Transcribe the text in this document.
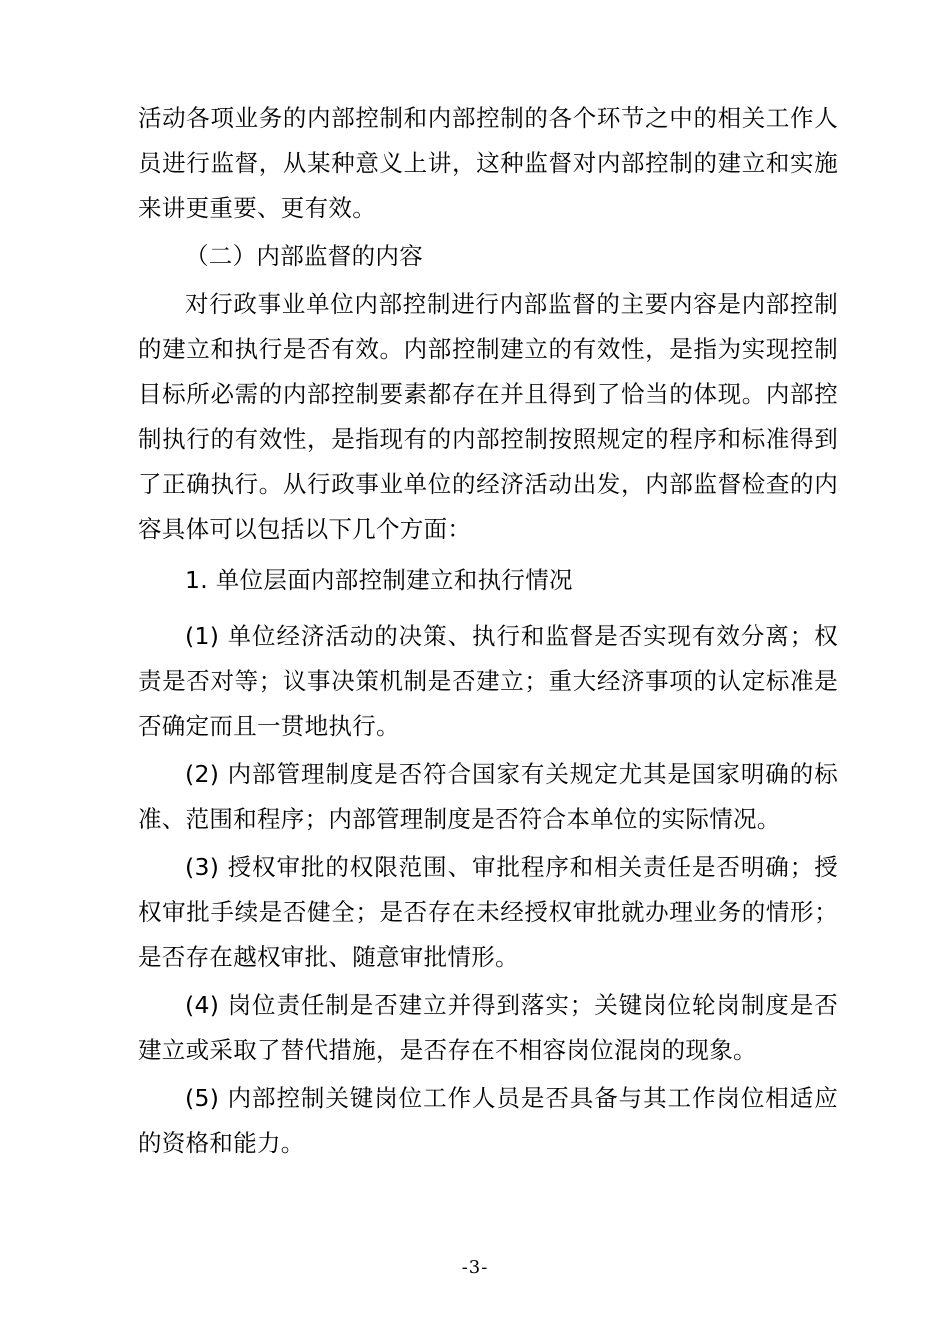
活动各项业务的内部控制和内部控制的各个环节之中的相关工作人员进行监督，从某种意义上讲，这种监督对内部控制的建立和实施来讲更重要、更有效。

（二）内部监督的内容

对行政事业单位内部控制进行内部监督的主要内容是内部控制的建立和执行是否有效。内部控制建立的有效性，是指为实现控制目标所必需的内部控制要素都存在并且得到了恰当的体现。内部控制执行的有效性，是指现有的内部控制按照规定的程序和标准得到了正确执行。从行政事业单位的经济活动出发，内部监督检查的内容具体可以包括以下几个方面：

1. 单位层面内部控制建立和执行情况

(1) 单位经济活动的决策、执行和监督是否实现有效分离；权责是否对等；议事决策机制是否建立；重大经济事项的认定标准是否确定而且一贯地执行。

(2) 内部管理制度是否符合国家有关规定尤其是国家明确的标准、范围和程序；内部管理制度是否符合本单位的实际情况。

(3) 授权审批的权限范围、审批程序和相关责任是否明确；授权审批手续是否健全；是否存在未经授权审批就办理业务的情形；是否存在越权审批、随意审批情形。

(4) 岗位责任制是否建立并得到落实；关键岗位轮岗制度是否建立或采取了替代措施，是否存在不相容岗位混岗的现象。

(5) 内部控制关键岗位工作人员是否具备与其工作岗位相适应的资格和能力。

-3-
